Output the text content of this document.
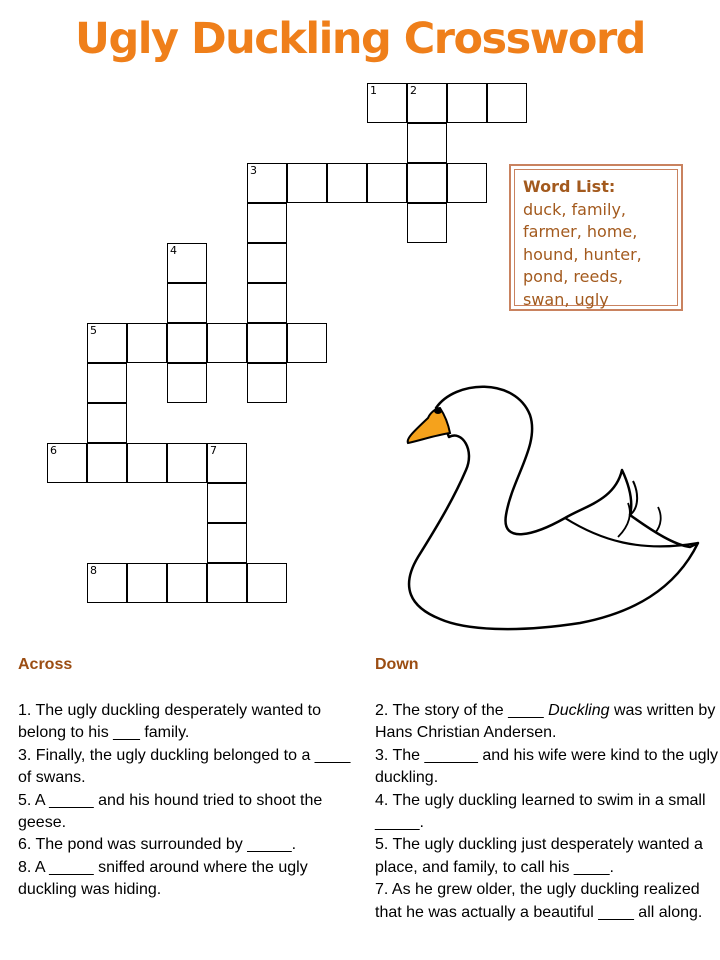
Ugly Duckling Crossword
1	2
3
4
5
6	7
8
Word List:
duck, family,
farmer, home,
hound, hunter,
pond, reeds,
swan, ugly
Across	Down
1. The ugly duckling desperately wanted to belong to his ___ family.
3. Finally, the ugly duckling belonged to a ____ of swans.
5. A _____ and his hound tried to shoot the geese.
6. The pond was surrounded by _____.
8. A _____ sniffed around where the ugly duckling was hiding.
2. The story of the ____ Duckling was written by Hans Christian Andersen.
3. The ______ and his wife were kind to the ugly duckling.
4. The ugly duckling learned to swim in a small _____.
5. The ugly duckling just desperately wanted a place, and family, to call his ____.
7. As he grew older, the ugly duckling realized that he was actually a beautiful ____ all along.
